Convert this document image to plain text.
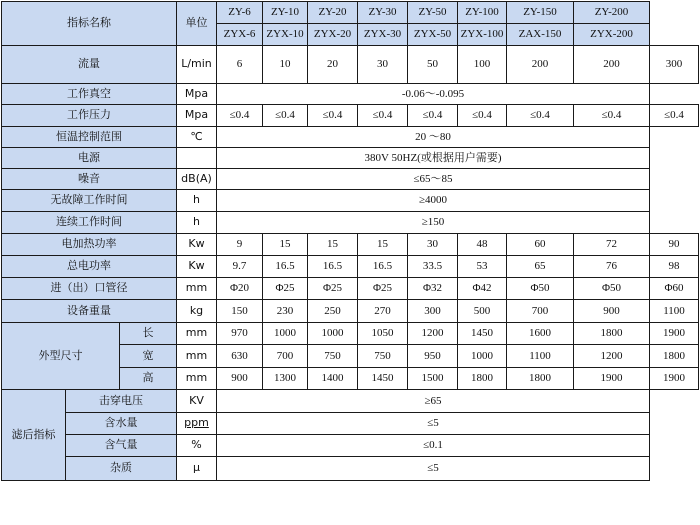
指标名称			单位	ZY-6	ZY-10	ZY-20	ZY-30	ZY-50	ZY-100	ZY-150	ZY-200	
				ZYX-6	ZYX-10	ZYX-20	ZYX-30	ZYX-50	ZYX-100	ZAX-150	ZYX-200	
流量			L/min	6	10	20	30	50	100	200	200	300
工作真空			Mpa	-0.06～-0.095								
工作压力			Mpa	≤0.4	≤0.4	≤0.4	≤0.4	≤0.4	≤0.4	≤0.4	≤0.4	≤0.4
恒温控制范围			℃	20 ～80								
电源				380V 50HZ(或根据用户需要)								
噪音			dB(A)	≤65～85								
无故障工作时间			h	≥4000								
连续工作时间			h	≥150								
电加热功率			Kw	9	15	15	15	30	48	60	72	90
总电功率			Kw	9.7	16.5	16.5	16.5	33.5	53	65	76	98
进（出）口管径			mm	Φ20	Φ25	Φ25	Φ25	Φ32	Φ42	Φ50	Φ50	Φ60
设备重量			kg	150	230	250	270	300	500	700	900	1100
外型尺寸		长	mm	970	1000	1000	1050	1200	1450	1600	1800	1900
		宽	mm	630	700	750	750	950	1000	1100	1200	1800
		高	mm	900	1300	1400	1450	1500	1800	1800	1900	1900
滤后指标	击穿电压		KV	≥65								
	含水量		ppm	≤5								
	含气量		%	≤0.1								
	杂质		μ	≤5								
